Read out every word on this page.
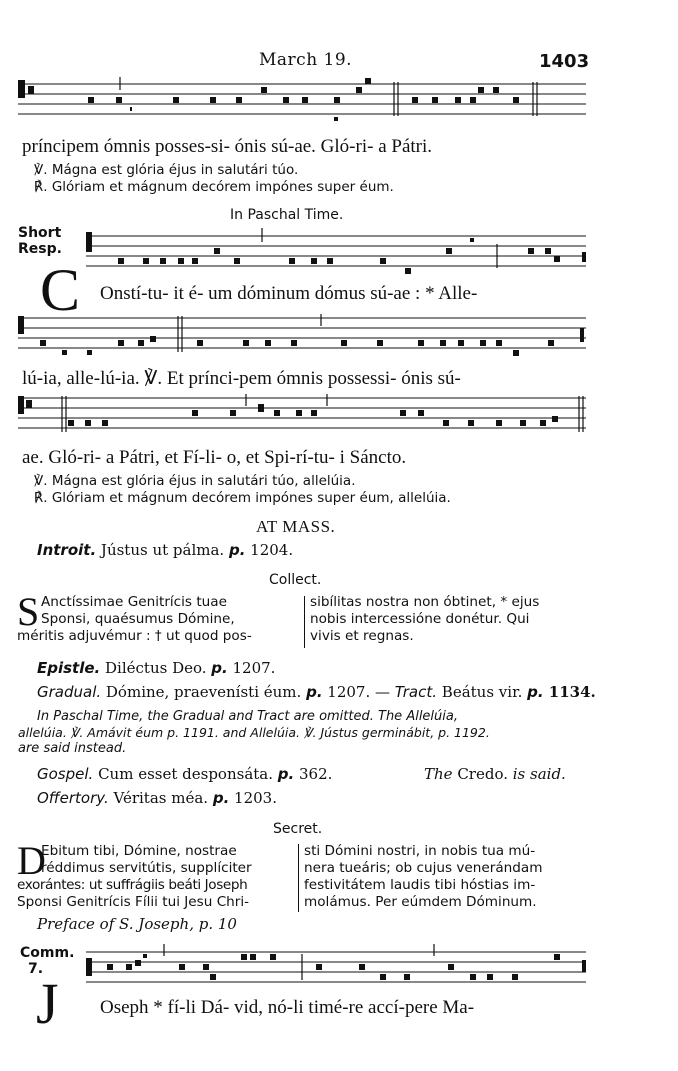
March 19.	1403
príncipem ómnis posses-si- ónis sú-ae. Gló-ri- a Pátri.
℣. Mágna est glória éjus in salutári túo.
℟. Glóriam et mágnum decórem impónes super éum.
In Paschal Time.
Short
Resp.
C Onstí-tu- it é- um dóminum dómus sú-ae : * Alle-
lú-ia, alle-lú-ia. ℣. Et prínci-pem ómnis possessi- ónis sú-
ae. Gló-ri- a Pátri, et Fí-li- o, et Spi-rí-tu- i Sáncto.
℣. Mágna est glória éjus in salutári túo, allelúia.
℟. Glóriam et mágnum decórem impónes super éum, allelúia.
AT MASS.
Introit. Jústus ut pálma. p. 1204.
Collect.
S Anctíssimae Genitrícis tuae

Sponsi, quaésumus Dómine,

méritis adjuvémur : † ut quod pos-

sibílitas nostra non óbtinet, * ejus

nobis intercessióne donétur. Qui

vivis et regnas.

Epistle. Diléctus Deo. p. 1207.
Gradual. Dómine, praevenísti éum. p. 1207. — Tract. Beátus vir. p. 1134.
In Paschal Time, the Gradual and Tract are omitted. The Allelúia,
allelúia. ℣. Amávit éum p. 1191. and Allelúia. ℣. Jústus germinábit, p. 1192.
are said instead.
Gospel. Cum esset desponsáta. p. 362.	The Credo. is said.
Offertory. Véritas méa. p. 1203.
Secret.
D

Ebitum tibi, Dómine, nostrae

réddimus servitútis, supplíciter

exorántes: ut suffrágiis beáti Joseph

Sponsi Genitrícis Fílii tui Jesu Chri-

sti Dómini nostri, in nobis tua mú-

nera tueáris; ob cujus venerándam

festivitátem laudis tibi hóstias im-

molámus. Per eúmdem Dóminum.

Preface of S. Joseph, p. 10
Comm.
7.
J Oseph * fí-li Dá- vid, nó-li timé-re accí-pere Ma-
